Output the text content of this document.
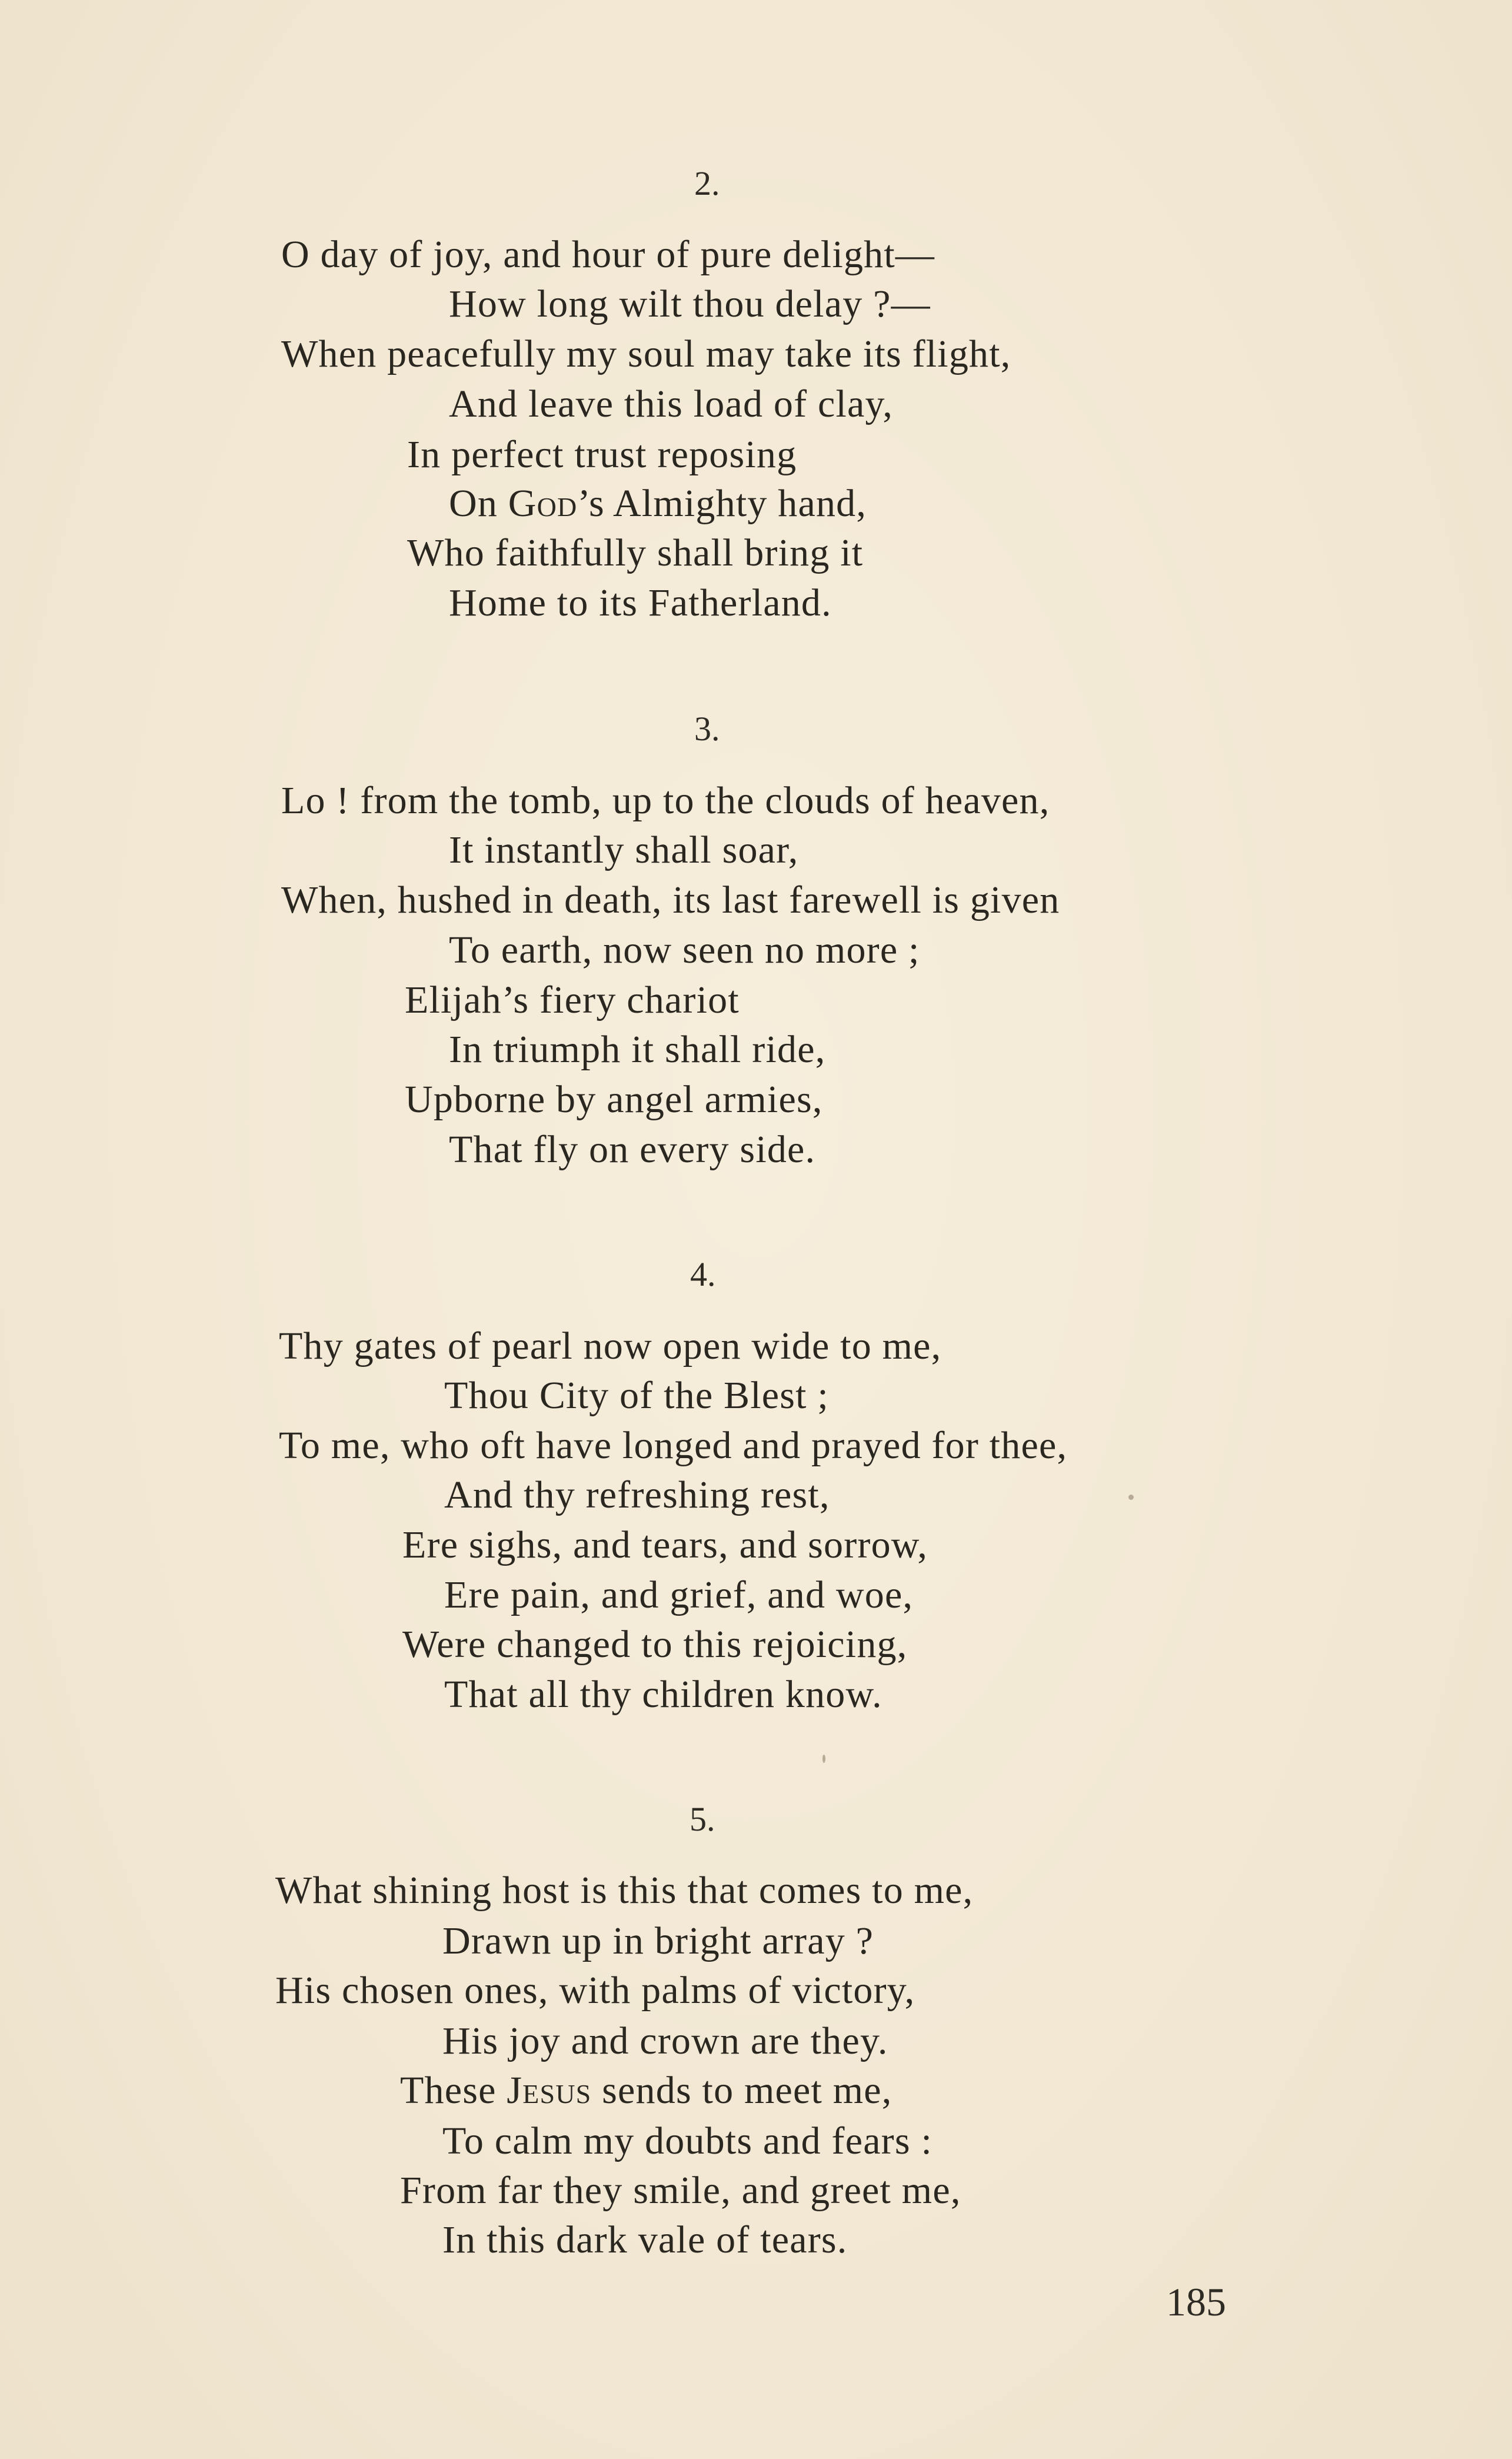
2.
O day of joy, and hour of pure delight—
How long wilt thou delay ?—
When peacefully my soul may take its flight,
And leave this load of clay,
In perfect trust reposing
On God’s Almighty hand,
Who faithfully shall bring it
Home to its Fatherland.
3.
Lo ! from the tomb, up to the clouds of heaven,
It instantly shall soar,
When, hushed in death, its last farewell is given
To earth, now seen no more ;
Elijah’s fiery chariot
In triumph it shall ride,
Upborne by angel armies,
That fly on every side.
4.
Thy gates of pearl now open wide to me,
Thou City of the Blest ;
To me, who oft have longed and prayed for thee,
And thy refreshing rest,
Ere sighs, and tears, and sorrow,
Ere pain, and grief, and woe,
Were changed to this rejoicing,
That all thy children know.
5.
What shining host is this that comes to me,
Drawn up in bright array ?
His chosen ones, with palms of victory,
His joy and crown are they.
These Jesus sends to meet me,
To calm my doubts and fears :
From far they smile, and greet me,
In this dark vale of tears.
185
